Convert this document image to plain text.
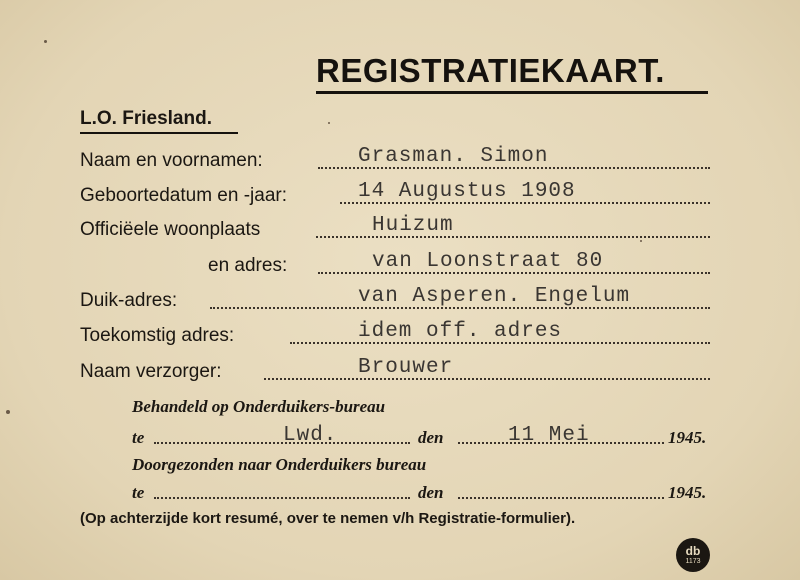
REGISTRATIEKAART.
L.O. Friesland.
Naam en voornamen:	Grasman. Simon
Geboortedatum en -jaar:	14 Augustus 1908
Officiëele woonplaats	Huizum
en adres:	van Loonstraat 80
Duik-adres:	van Asperen. Engelum
Toekomstig adres:	idem off. adres
Naam verzorger:	Brouwer
Behandeld op Onderduikers-bureau
te	Lwd.	den	11 Mei	1945.
Doorgezonden naar Onderduikers bureau
te	den	1945.
(Op achterzijde kort resumé, over te nemen v/h Registratie-formulier).
db
1173
